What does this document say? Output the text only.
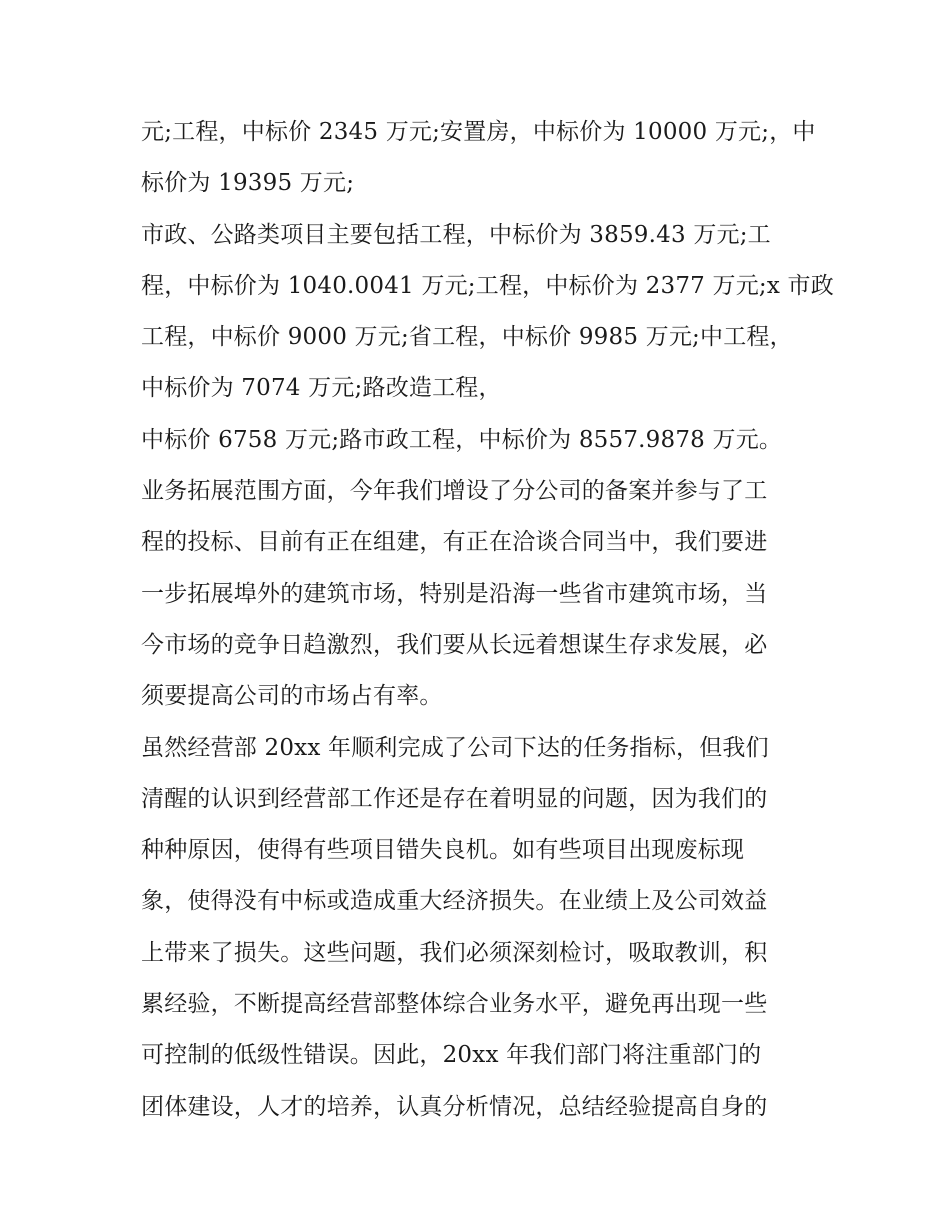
元;工程，中标价 2345 万元;安置房，中标价为 10000 万元;，中
标价为 19395 万元;
市政、公路类项目主要包括工程，中标价为 3859.43 万元;工
程，中标价为 1040.0041 万元;工程，中标价为 2377 万元;x 市政
工程，中标价 9000 万元;省工程，中标价 9985 万元;中工程，
中标价为 7074 万元;路改造工程，
中标价 6758 万元;路市政工程，中标价为 8557.9878 万元。
业务拓展范围方面，今年我们增设了分公司的备案并参与了工
程的投标、目前有正在组建，有正在洽谈合同当中，我们要进
一步拓展埠外的建筑市场，特别是沿海一些省市建筑市场，当
今市场的竞争日趋激烈，我们要从长远着想谋生存求发展，必
须要提高公司的市场占有率。
虽然经营部 20xx 年顺利完成了公司下达的任务指标，但我们
清醒的认识到经营部工作还是存在着明显的问题，因为我们的
种种原因，使得有些项目错失良机。如有些项目出现废标现
象，使得没有中标或造成重大经济损失。在业绩上及公司效益
上带来了损失。这些问题，我们必须深刻检讨，吸取教训，积
累经验，不断提高经营部整体综合业务水平，避免再出现一些
可控制的低级性错误。因此，20xx 年我们部门将注重部门的
团体建设，人才的培养，认真分析情况，总结经验提高自身的
